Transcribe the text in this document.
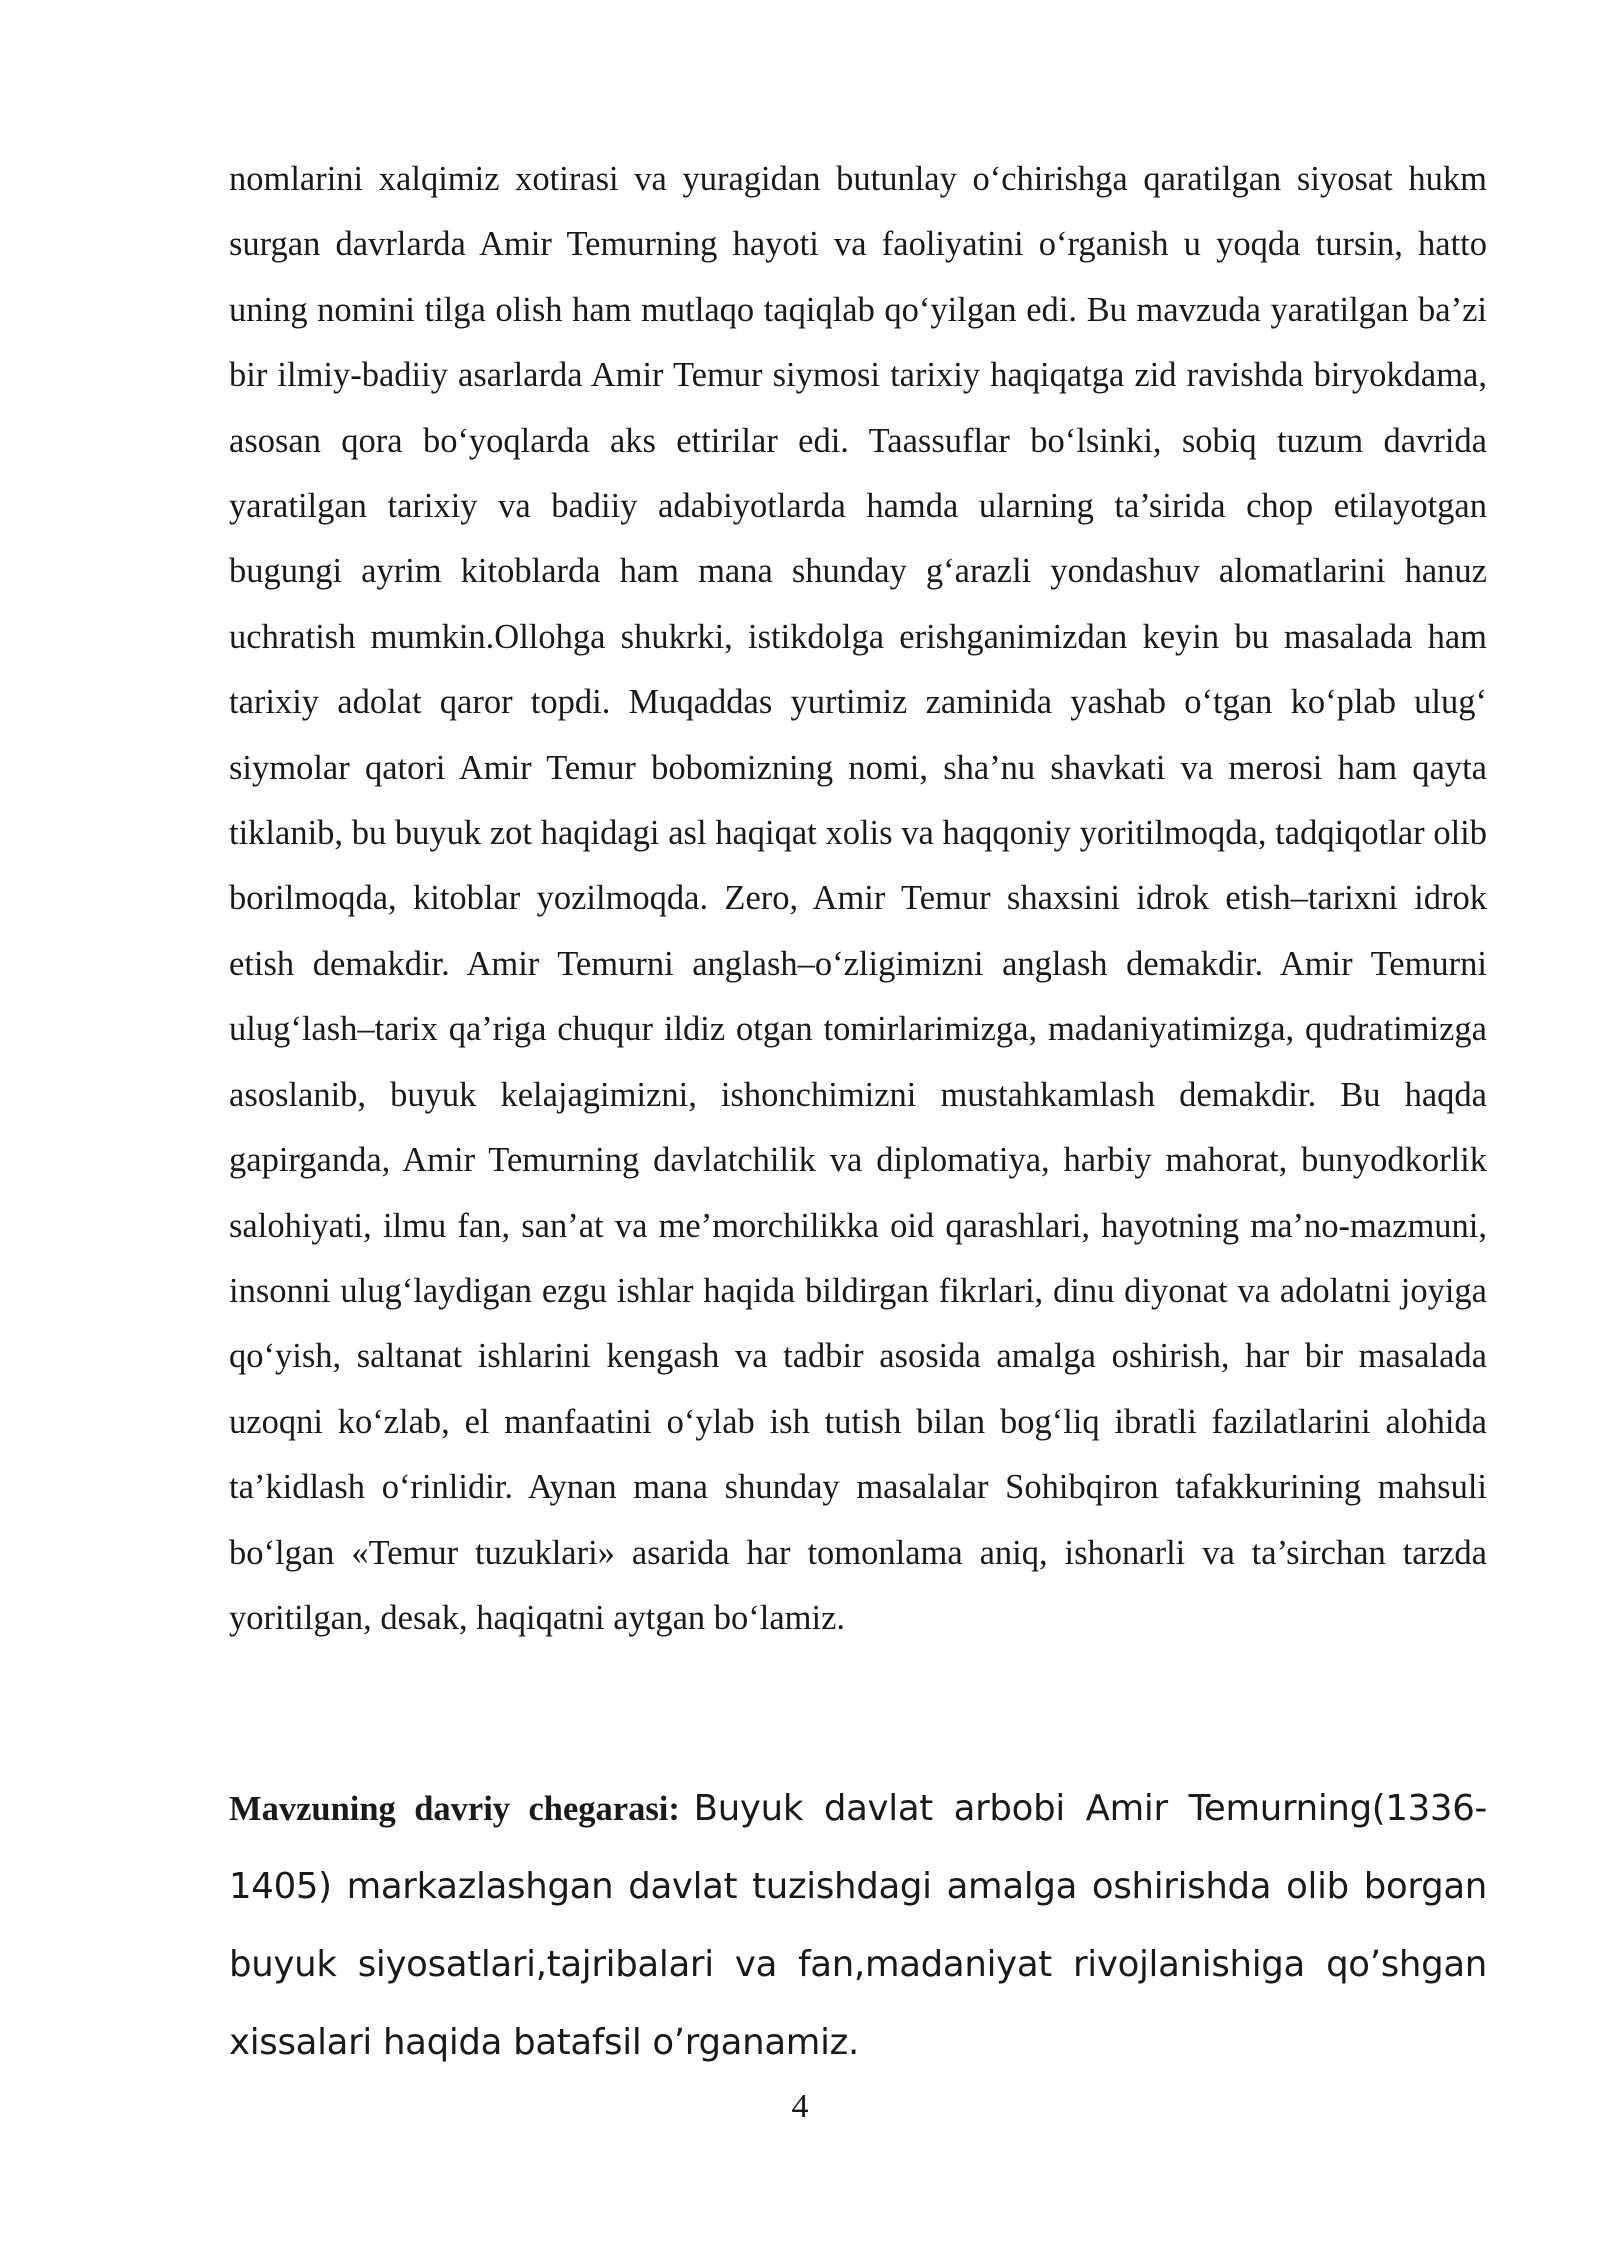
nomlarini xalqimiz xotirasi va yuragidan butunlay o‘chirishga qaratilgan siyosat hukm surgan davrlarda Amir Temurning hayoti va faoliyatini o‘rganish u yoqda tursin, hatto uning nomini tilga olish ham mutlaqo taqiqlab qo‘yilgan edi. Bu mavzuda yaratilgan ba’zi bir ilmiy-badiiy asarlarda Amir Temur siymosi tarixiy haqiqatga zid ravishda biryokdama, asosan qora bo‘yoqlarda aks ettirilar edi. Taassuflar bo‘lsinki, sobiq tuzum davrida yaratilgan tarixiy va badiiy adabiyotlarda hamda ularning ta’sirida chop etilayotgan bugungi ayrim kitoblarda ham mana shunday g‘arazli yondashuv alomatlarini hanuz uchratish mumkin.Ollohga shukrki, istikdolga erishganimizdan keyin bu masalada ham tarixiy adolat qaror topdi. Muqaddas yurtimiz zaminida yashab o‘tgan ko‘plab ulug‘ siymolar qatori Amir Temur bobomizning nomi, sha’nu shavkati va merosi ham qayta tiklanib, bu buyuk zot haqidagi asl haqiqat xolis va haqqoniy yoritilmoqda, tadqiqotlar olib borilmoqda, kitoblar yozilmoqda. Zero, Amir Temur shaxsini idrok etish–tarixni idrok etish demakdir. Amir Temurni anglash–o‘zligimizni anglash demakdir. Amir Temurni ulug‘lash–tarix qa’riga chuqur ildiz otgan tomirlarimizga, madaniyatimizga, qudratimizga asoslanib, buyuk kelajagimizni, ishonchimizni mustahkamlash demakdir. Bu haqda gapirganda, Amir Temurning davlatchilik va diplomatiya, harbiy mahorat, bunyodkorlik salohiyati, ilmu fan, san’at va me’morchilikka oid qarashlari, hayotning ma’no-mazmuni, insonni ulug‘laydigan ezgu ishlar haqida bildirgan fikrlari, dinu diyonat va adolatni joyiga qo‘yish, saltanat ishlarini kengash va tadbir asosida amalga oshirish, har bir masalada uzoqni ko‘zlab, el manfaatini o‘ylab ish tutish bilan bog‘liq ibratli fazilatlarini alohida ta’kidlash o‘rinlidir. Aynan mana shunday masalalar Sohibqiron tafakkurining mahsuli bo‘lgan «Temur tuzuklari» asarida har tomonlama aniq, ishonarli va ta’sirchan tarzda yoritilgan, desak, haqiqatni aytgan bo‘lamiz.

Mavzuning davriy chegarasi: Buyuk davlat arbobi Amir Temurning(1336-1405) markazlashgan davlat tuzishdagi amalga oshirishda olib borgan buyuk siyosatlari,tajribalari va fan,madaniyat rivojlanishiga qo’shgan xissalari haqida batafsil o’rganamiz.

4
